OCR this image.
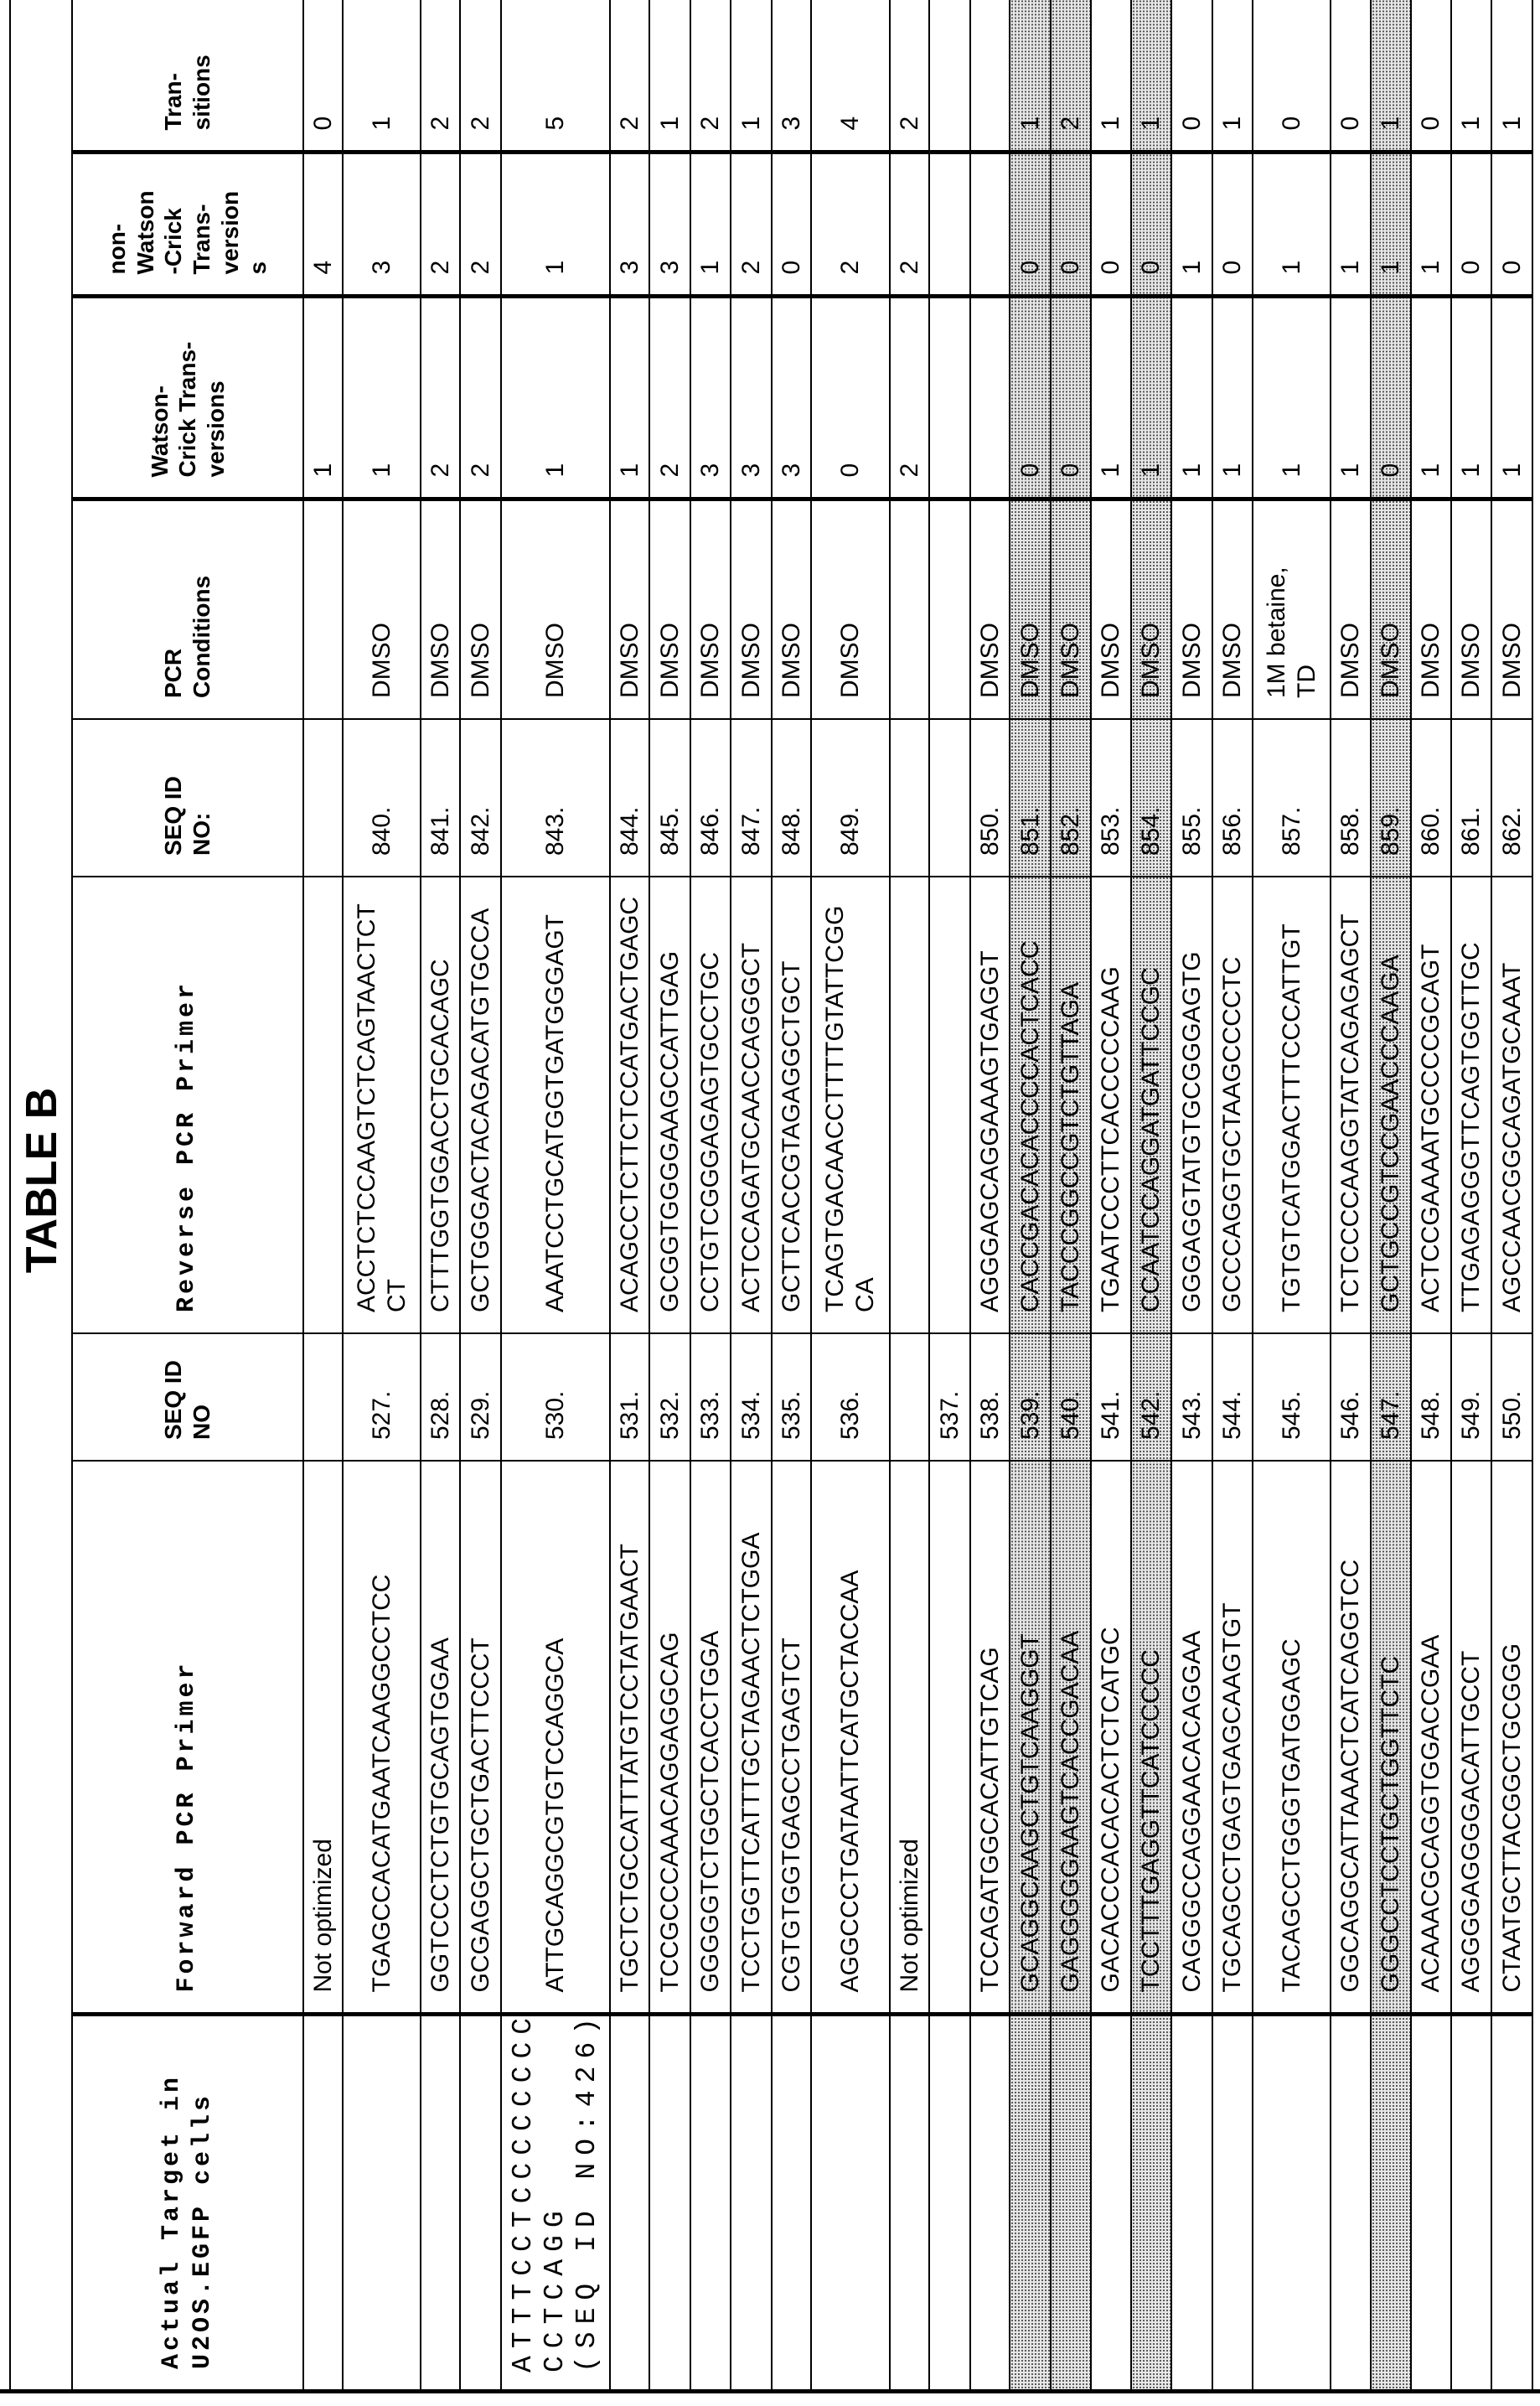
TABLE B
Actual Target in
U2OS.EGFP cells	Forward PCR Primer	SEQ ID
NO	Reverse PCR Primer	SEQ ID
NO:	PCR
Conditions	Watson-
Crick Trans-
versions	non-
Watson
-Crick
Trans-
version
s	Tran-
sitions
	Not optimized					1	4	0
	TGAGCCACATGAATCAAGGCCTCC	527.	ACCTCTCCAAGTCTCAGTAACTCT
CT	840.	DMSO	1	3	1
	GGTCCCTCTGTGCAGTGGAA	528.	CTTTGGTGGACCTGCACAGC	841.	DMSO	2	2	2
	GCGAGGCTGCTGACTTCCCT	529.	GCTGGGACTACAGACATGTGCCA	842.	DMSO	2	2	2
ATTTCCTCCCCCCCC-
CCTCAGG
(SEQ ID NO:426)	ATTGCAGGCGTGTCCAGGCA	530.	AAATCCTGCATGGTGATGGGAGT	843.	DMSO	1	1	5
	TGCTCTGCCATTTATGTCCTATGAACT	531.	ACAGCCTCTTCTCCATGACTGAGC	844.	DMSO	1	3	2
	TCCGCCCAAACAGGAGGCAG	532.	GCGGTGGGGAAGCCATTGAG	845.	DMSO	2	3	1
	GGGGGTCTGGCTCACCTGGA	533.	CCTGTCGGGAGAGTGCCTGC	846.	DMSO	3	1	2
	TCCTGGTTCATTTGCTAGAACTCTGGA	534.	ACTCCAGATGCAACCAGGGCT	847.	DMSO	3	2	1
	CGTGTGGTGAGCCTGAGTCT	535.	GCTTCACCGTAGAGGCTGCT	848.	DMSO	3	0	3
	AGGCCCTGATAATTCATGCTACCAA	536.	TCAGTGACAACCTTTTGTATTCGG
CA	849.	DMSO	0	2	4
	Not optimized					2	2	2
		537.						
	TCCAGATGGCACATTGTCAG	538.	AGGGAGCAGGAAAGTGAGGT	850.	DMSO			
	GCAGGCAAGCTGTCAAGGGT	539.	CACCGACACACCCCACTCACC	851.	DMSO	0	0	1
	GAGGGGGAAGTCACCGACAA	540.	TACCCGGCCGTCTGTTAGA	852.	DMSO	0	0	2
	GACACCCACACACTCTCATGC	541.	TGAATCCCTTCACCCCCAAG	853.	DMSO	1	0	1
	TCCTTTGAGGTTCATCCCCC	542.	CCAATCCAGGATGATTCCGC	854.	DMSO	1	0	1
	CAGGGCCAGGAACACAGGAA	543.	GGGAGGTATGTGCGGGAGTG	855.	DMSO	1	1	0
	TGCAGCCTGAGTGAGCAAGTGT	544.	GCCCAGGTGCTAAGCCCCTC	856.	DMSO	1	0	1
	TACAGCCTGGGTGATGGAGC	545.	TGTGTCATGGACTTTCCCATTGT	857.	1M betaine,
TD	1	1	0
	GGCAGGCATTAAACTCATCAGGTCC	546.	TCTCCCCAAGGTATCAGAGAGCT	858.	DMSO	1	1	0
	GGGCCTCCTGCTGGTTCTC	547.	GCTGCCGTCCGAACCCAAGA	859.	DMSO	0	1	1
	ACAAACGCAGGTGGACCGAA	548.	ACTCCGAAAATGCCCCGCAGT	860.	DMSO	1	1	0
	AGGGGAGGGGACATTGCCT	549.	TTGAGAGGGTTCAGTGGTTGC	861.	DMSO	1	0	1
	CTAATGCTTACGGCTGCGGG	550.	AGCCAACGGCAGATGCAAAT	862.	DMSO	1	0	1
